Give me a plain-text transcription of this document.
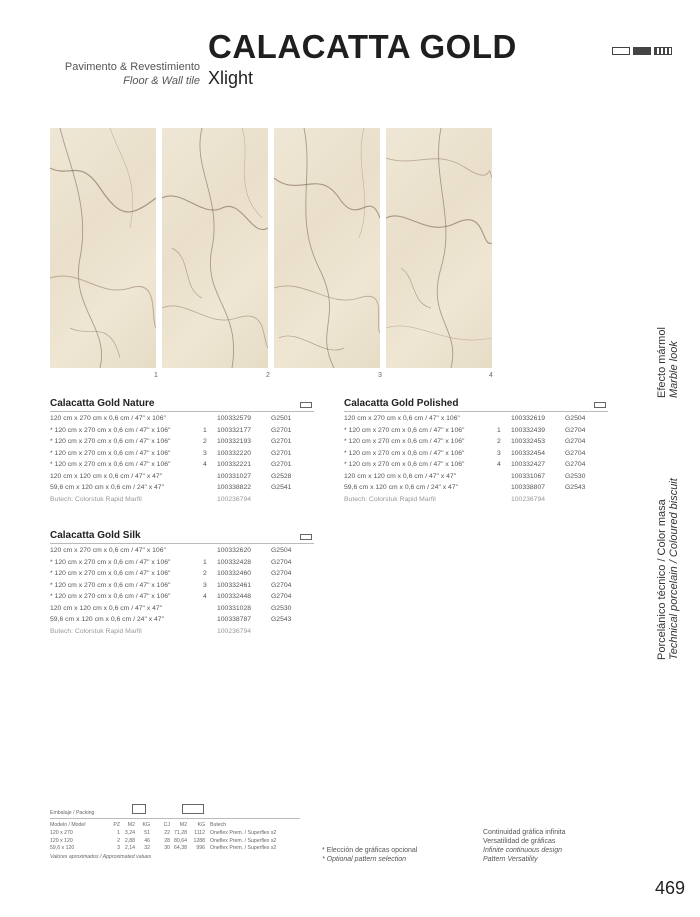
Pavimento & Revestimiento
Floor & Wall tile
CALACATTA GOLD
Xlight
1	2	3	4
Calacatta Gold Nature
120 cm x 270 cm x 0,6 cm / 47" x 106"	100332579	G2501
* 120 cm x 270 cm x 0,6 cm / 47" x 106"	1 100332177	G2701
* 120 cm x 270 cm x 0,6 cm / 47" x 106"	2 100332193	G2701
* 120 cm x 270 cm x 0,6 cm / 47" x 106"	3 100332220	G2701
* 120 cm x 270 cm x 0,6 cm / 47" x 106"	4 100332221	G2701
120 cm x 120 cm x 0,6 cm / 47" x 47"	100331027	G2528
59,6 cm x 120 cm x 0,6 cm / 24" x 47"	100338822	G2541
Butech: Colorstuk Rapid Marfil	100236794
Calacatta Gold Polished
120 cm x 270 cm x 0,6 cm / 47" x 106"	100332619	G2504
* 120 cm x 270 cm x 0,6 cm / 47" x 106"	1 100332439	G2704
* 120 cm x 270 cm x 0,6 cm / 47" x 106"	2 100332453	G2704
* 120 cm x 270 cm x 0,6 cm / 47" x 106"	3 100332454	G2704
* 120 cm x 270 cm x 0,6 cm / 47" x 106"	4 100332427	G2704
120 cm x 120 cm x 0,6 cm / 47" x 47"	100331067	G2530
59,6 cm x 120 cm x 0,6 cm / 24" x 47"	100338807	G2543
Butech: Colorstuk Rapid Marfil	100236794
Calacatta Gold Silk
120 cm x 270 cm x 0,6 cm / 47" x 106"	100332620	G2504
* 120 cm x 270 cm x 0,6 cm / 47" x 106"	1 100332428	G2704
* 120 cm x 270 cm x 0,6 cm / 47" x 106"	2 100332460	G2704
* 120 cm x 270 cm x 0,6 cm / 47" x 106"	3 100332461	G2704
* 120 cm x 270 cm x 0,6 cm / 47" x 106"	4 100332448	G2704
120 cm x 120 cm x 0,6 cm / 47" x 47"	100331028	G2530
59,6 cm x 120 cm x 0,6 cm / 24" x 47"	100338787	G2543
Butech: Colorstuk Rapid Marfil	100236794
Efecto mármol
Marble look
Porcelánico técnico / Color masa
Technical porcelain / Coloured biscuit
Embalaje / Packing
Modelo / Model	PZ M2 KG	CJ M2 KG Butech
120 x 270	1 3,24 51	22 71,28 1112 Oneflex Prem. / Superflex s2
120 x 120	2 2,88 46	28 80,64 1288 Oneflex Prem. / Superflex s2
59,6 x 120	3 2,14 32	30 64,38 996 Oneflex Prem. / Superflex s2
Valores aproximados / Approximated values
* Elección de gráficas opcional
* Optional pattern selection
Continuidad gráfica infinita
Versatilidad de gráficas
Infinite continuous design
Pattern Versatility
469
